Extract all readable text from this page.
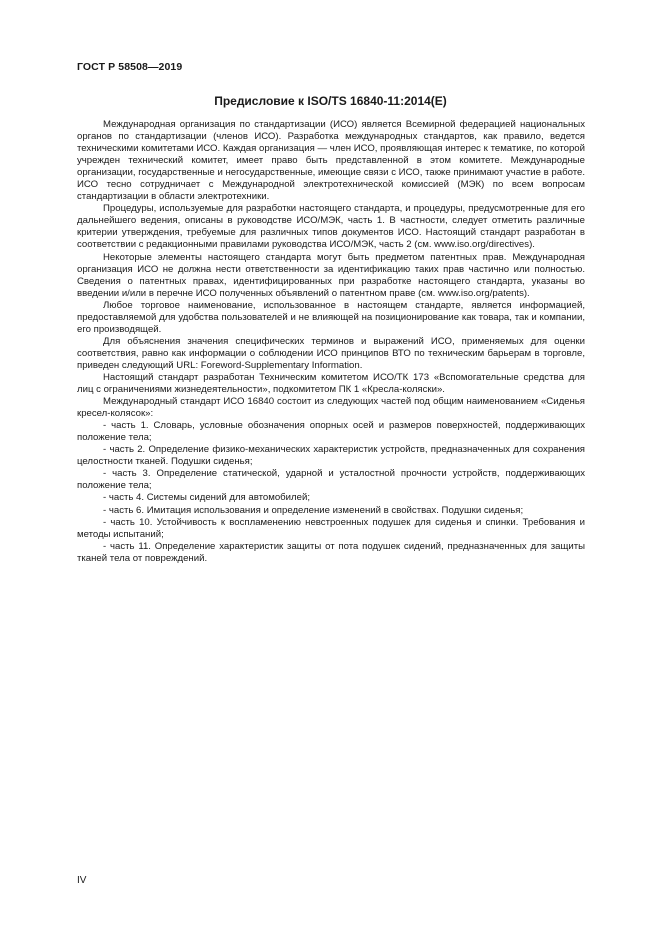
ГОСТ Р 58508—2019
Предисловие к ISO/TS 16840-11:2014(E)

Международная организация по стандартизации (ИСО) является Всемирной федерацией национальных органов по стандартизации (членов ИСО). Разработка международных стандартов, как правило, ведется техническими комитетами ИСО. Каждая организация — член ИСО, проявляющая интерес к тематике, по которой учрежден технический комитет, имеет право быть представленной в этом комитете. Международные организации, государственные и негосударственные, имеющие связи с ИСО, также принимают участие в работе. ИСО тесно сотрудничает с Международной электротехнической комиссией (МЭК) по всем вопросам стандартизации в области электротехники.

Процедуры, используемые для разработки настоящего стандарта, и процедуры, предусмотренные для его дальнейшего ведения, описаны в руководстве ИСО/МЭК, часть 1. В частности, следует отметить различные критерии утверждения, требуемые для различных типов документов ИСО. Настоящий стандарт разработан в соответствии с редакционными правилами руководства ИСО/МЭК, часть 2 (см. www.iso.org/directives).

Некоторые элементы настоящего стандарта могут быть предметом патентных прав. Международная организация ИСО не должна нести ответственности за идентификацию таких прав частично или полностью. Сведения о патентных правах, идентифицированных при разработке настоящего стандарта, указаны во введении и/или в перечне ИСО полученных объявлений о патентном праве (см. www.iso.org/patents).

Любое торговое наименование, использованное в настоящем стандарте, является информацией, предоставляемой для удобства пользователей и не влияющей на позиционирование как товара, так и компании, его производящей.

Для объяснения значения специфических терминов и выражений ИСО, применяемых для оценки соответствия, равно как информации о соблюдении ИСО принципов ВТО по техническим барьерам в торговле, приведен следующий URL: Foreword-Supplementary Information.

Настоящий стандарт разработан Техническим комитетом ИСО/ТК 173 «Вспомогательные средства для лиц с ограничениями жизнедеятельности», подкомитетом ПК 1 «Кресла-коляски».

Международный стандарт ИСО 16840 состоит из следующих частей под общим наименованием «Сиденья кресел-колясок»:

- часть 1. Словарь, условные обозначения опорных осей и размеров поверхностей, поддерживающих положение тела;

- часть 2. Определение физико-механических характеристик устройств, предназначенных для сохранения целостности тканей. Подушки сиденья;

- часть 3. Определение статической, ударной и усталостной прочности устройств, поддерживающих положение тела;

- часть 4. Системы сидений для автомобилей;

- часть 6. Имитация использования и определение изменений в свойствах. Подушки сиденья;

- часть 10. Устойчивость к воспламенению невстроенных подушек для сиденья и спинки. Требования и методы испытаний;

- часть 11. Определение характеристик защиты от пота подушек сидений, предназначенных для защиты тканей тела от повреждений.

IV
